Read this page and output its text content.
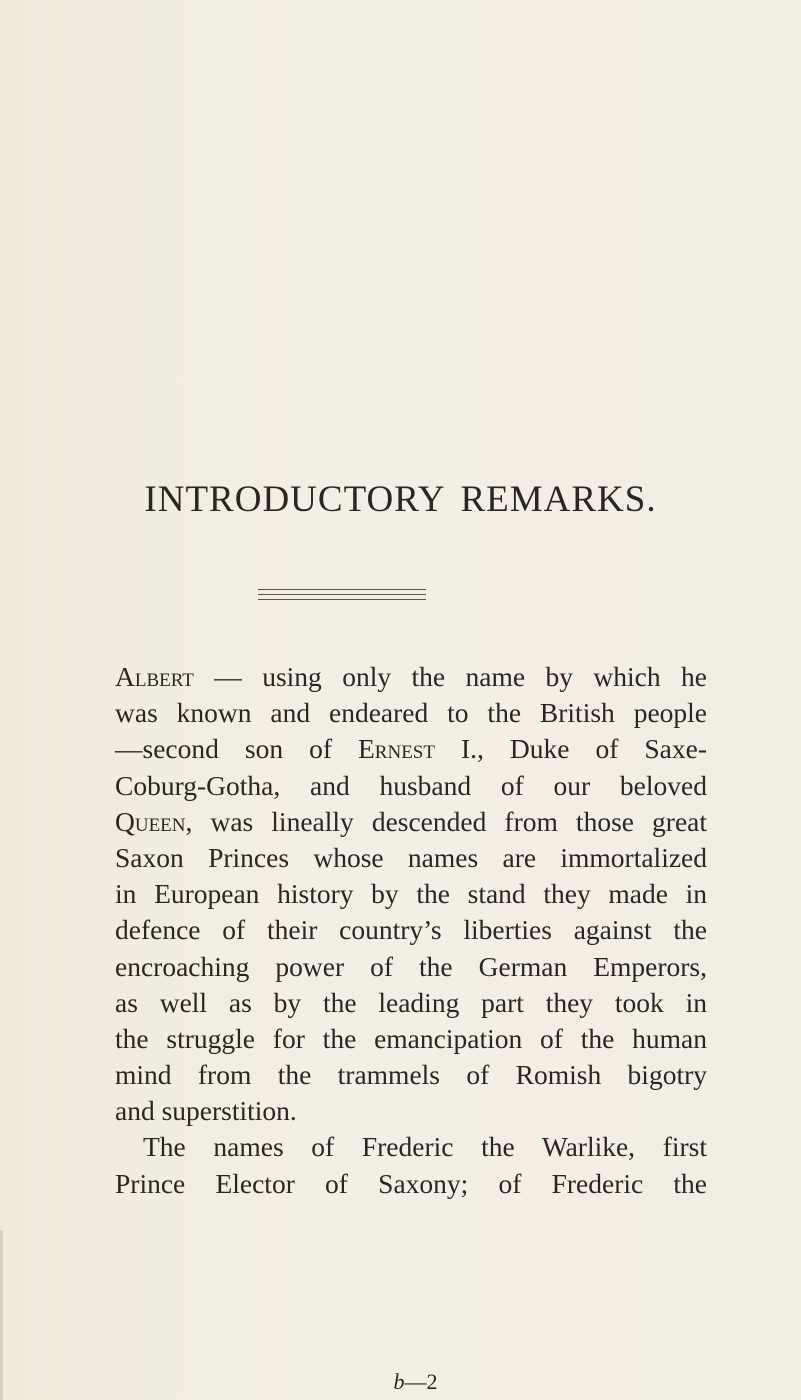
INTRODUCTORY REMARKS.
Albert — using only the name by which he
was known and endeared to the British people
—second son of Ernest I., Duke of Saxe-
Coburg-Gotha, and husband of our beloved
Queen, was lineally descended from those great
Saxon Princes whose names are immortalized
in European history by the stand they made in
defence of their country’s liberties against the
encroaching power of the German Emperors,
as well as by the leading part they took in
the struggle for the emancipation of the human
mind from the trammels of Romish bigotry
and superstition.
The names of Frederic the Warlike, first
Prince Elector of Saxony; of Frederic the
b—2
